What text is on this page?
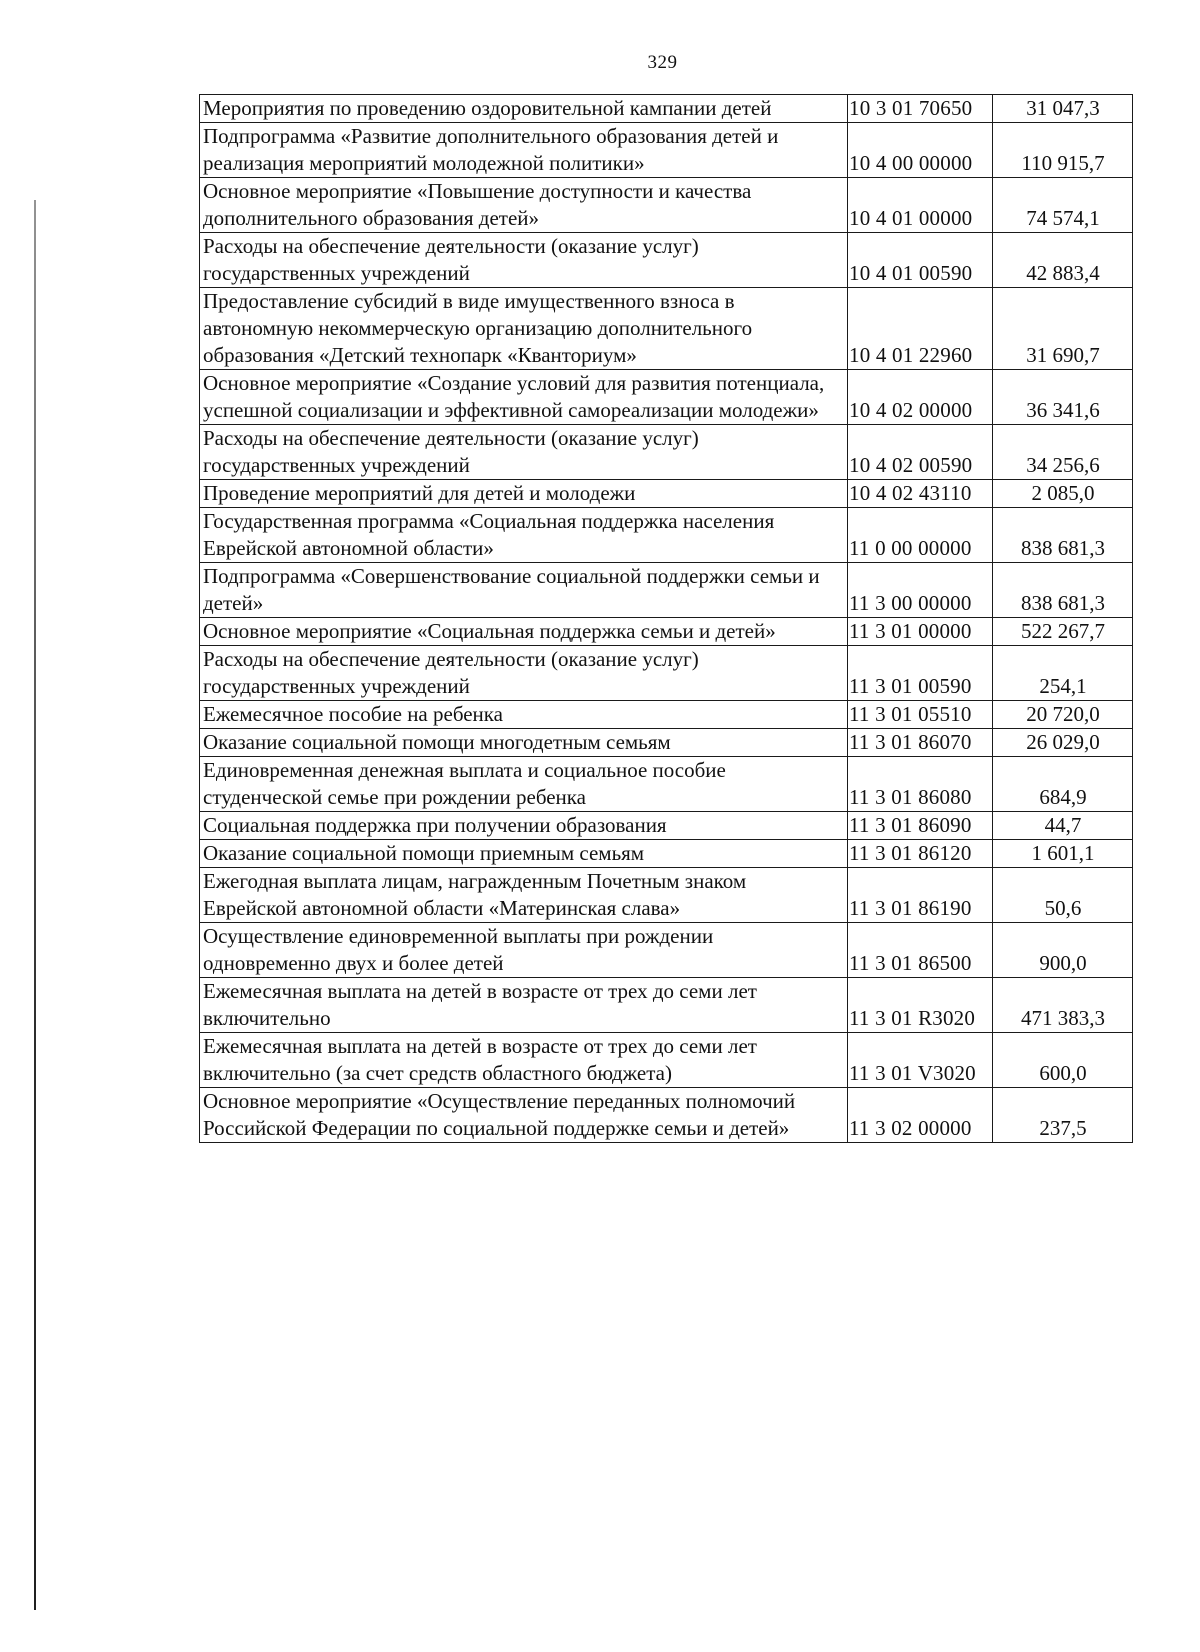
329
Мероприятия по проведению оздоровительной кампании детей	10 3 01 70650	31 047,3
Подпрограмма «Развитие дополнительного образования детей и реализация мероприятий молодежной политики»	10 4 00 00000	110 915,7
Основное мероприятие «Повышение доступности и качества дополнительного образования детей»	10 4 01 00000	74 574,1
Расходы на обеспечение деятельности (оказание услуг) государственных учреждений	10 4 01 00590	42 883,4
Предоставление субсидий в виде имущественного взноса в автономную некоммерческую организацию дополнительного образования «Детский технопарк «Кванториум»	10 4 01 22960	31 690,7
Основное мероприятие «Создание условий для развития потенциала, успешной социализации и эффективной самореализации молодежи»	10 4 02 00000	36 341,6
Расходы на обеспечение деятельности (оказание услуг) государственных учреждений	10 4 02 00590	34 256,6
Проведение мероприятий для детей и молодежи	10 4 02 43110	2 085,0
Государственная программа «Социальная поддержка населения Еврейской автономной области»	11 0 00 00000	838 681,3
Подпрограмма «Совершенствование социальной поддержки семьи и детей»	11 3 00 00000	838 681,3
Основное мероприятие «Социальная поддержка семьи и детей»	11 3 01 00000	522 267,7
Расходы на обеспечение деятельности (оказание услуг) государственных учреждений	11 3 01 00590	254,1
Ежемесячное пособие на ребенка	11 3 01 05510	20 720,0
Оказание социальной помощи многодетным семьям	11 3 01 86070	26 029,0
Единовременная денежная выплата и социальное пособие студенческой семье при рождении ребенка	11 3 01 86080	684,9
Социальная поддержка при получении образования	11 3 01 86090	44,7
Оказание социальной помощи приемным семьям	11 3 01 86120	1 601,1
Ежегодная выплата лицам, награжденным Почетным знаком Еврейской автономной области «Материнская слава»	11 3 01 86190	50,6
Осуществление единовременной выплаты при рождении одновременно двух и более детей	11 3 01 86500	900,0
Ежемесячная выплата на детей в возрасте от трех до семи лет включительно	11 3 01 R3020	471 383,3
Ежемесячная выплата на детей в возрасте от трех до семи лет включительно (за счет средств областного бюджета)	11 3 01 V3020	600,0
Основное мероприятие «Осуществление переданных полномочий Российской Федерации по социальной поддержке семьи и детей»	11 3 02 00000	237,5
